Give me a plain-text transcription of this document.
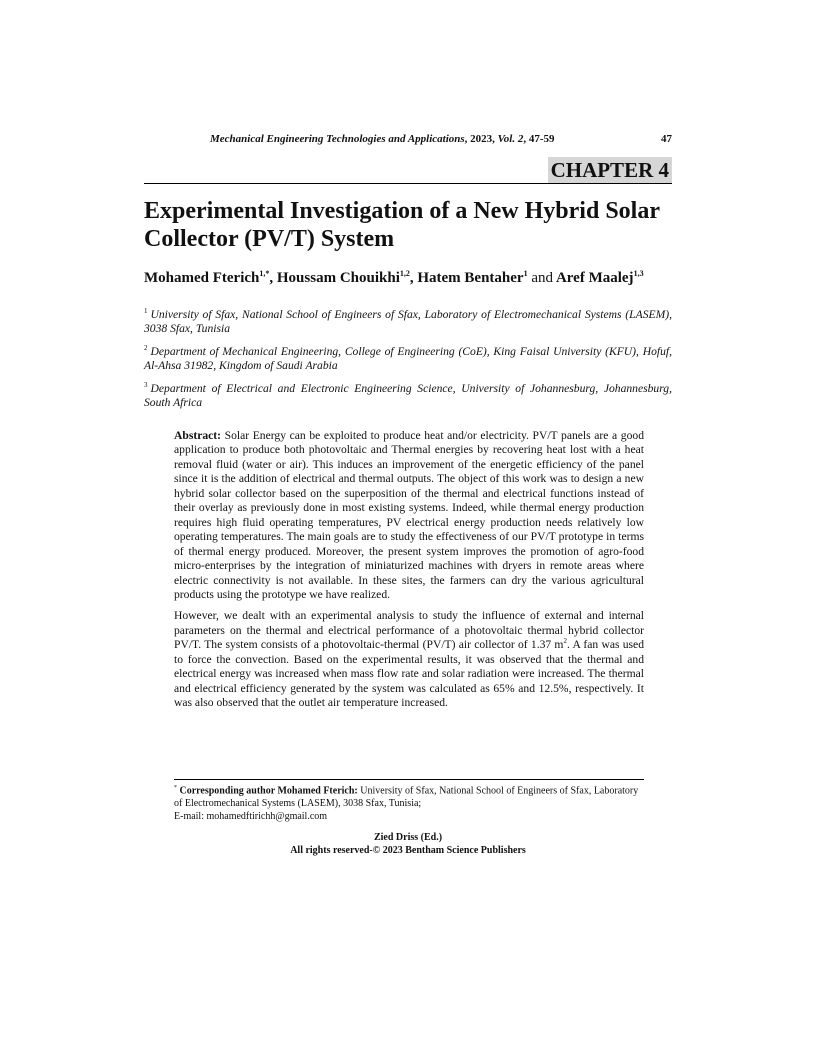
Mechanical Engineering Technologies and Applications, 2023, Vol. 2, 47-59	47
CHAPTER 4
Experimental Investigation of a New Hybrid Solar Collector (PV/T) System

Mohamed Fterich$^{1,*}$, Houssam Chouikhi$^{1,2}$, Hatem Bentaher$^1$ and Aref Maalej$^{1,3}$

$^1$ University of Sfax, National School of Engineers of Sfax, Laboratory of Electromechanical Systems (LASEM), 3038 Sfax, Tunisia

$^2$ Department of Mechanical Engineering, College of Engineering (CoE), King Faisal University (KFU), Hofuf, Al-Ahsa 31982, Kingdom of Saudi Arabia

$^3$ Department of Electrical and Electronic Engineering Science, University of Johannesburg, Johannesburg, South Africa

Abstract: Solar Energy can be exploited to produce heat and/or electricity. PV/T panels are a good application to produce both photovoltaic and Thermal energies by recovering heat lost with a heat removal fluid (water or air). This induces an improvement of the energetic efficiency of the panel since it is the addition of electrical and thermal outputs. The object of this work was to design a new hybrid solar collector based on the superposition of the thermal and electrical functions instead of their overlay as previously done in most existing systems. Indeed, while thermal energy production requires high fluid operating temperatures, PV electrical energy production needs relatively low operating temperatures. The main goals are to study the effectiveness of our PV/T prototype in terms of thermal energy produced. Moreover, the present system improves the promotion of agro-food micro-enterprises by the integration of miniaturized machines with dryers in remote areas where electric connectivity is not available. In these sites, the farmers can dry the various agricultural products using the prototype we have realized.

However, we dealt with an experimental analysis to study the influence of external and internal parameters on the thermal and electrical performance of a photovoltaic thermal hybrid collector PV/T. The system consists of a photovoltaic-thermal (PV/T) air collector of 1.37 $m^2$. A fan was used to force the convection. Based on the experimental results, it was observed that the thermal and electrical energy was increased when mass flow rate and solar radiation were increased. The thermal and electrical efficiency generated by the system was calculated as 65% and 12.5%, respectively. It was also observed that the outlet air temperature increased.

* Corresponding author Mohamed Fterich: University of Sfax, National School of Engineers of Sfax, Laboratory of Electromechanical Systems (LASEM), 3038 Sfax, Tunisia;
E-mail: mohamedftirichh@gmail.com
Zied Driss (Ed.)
All rights reserved-© 2023 Bentham Science Publishers
